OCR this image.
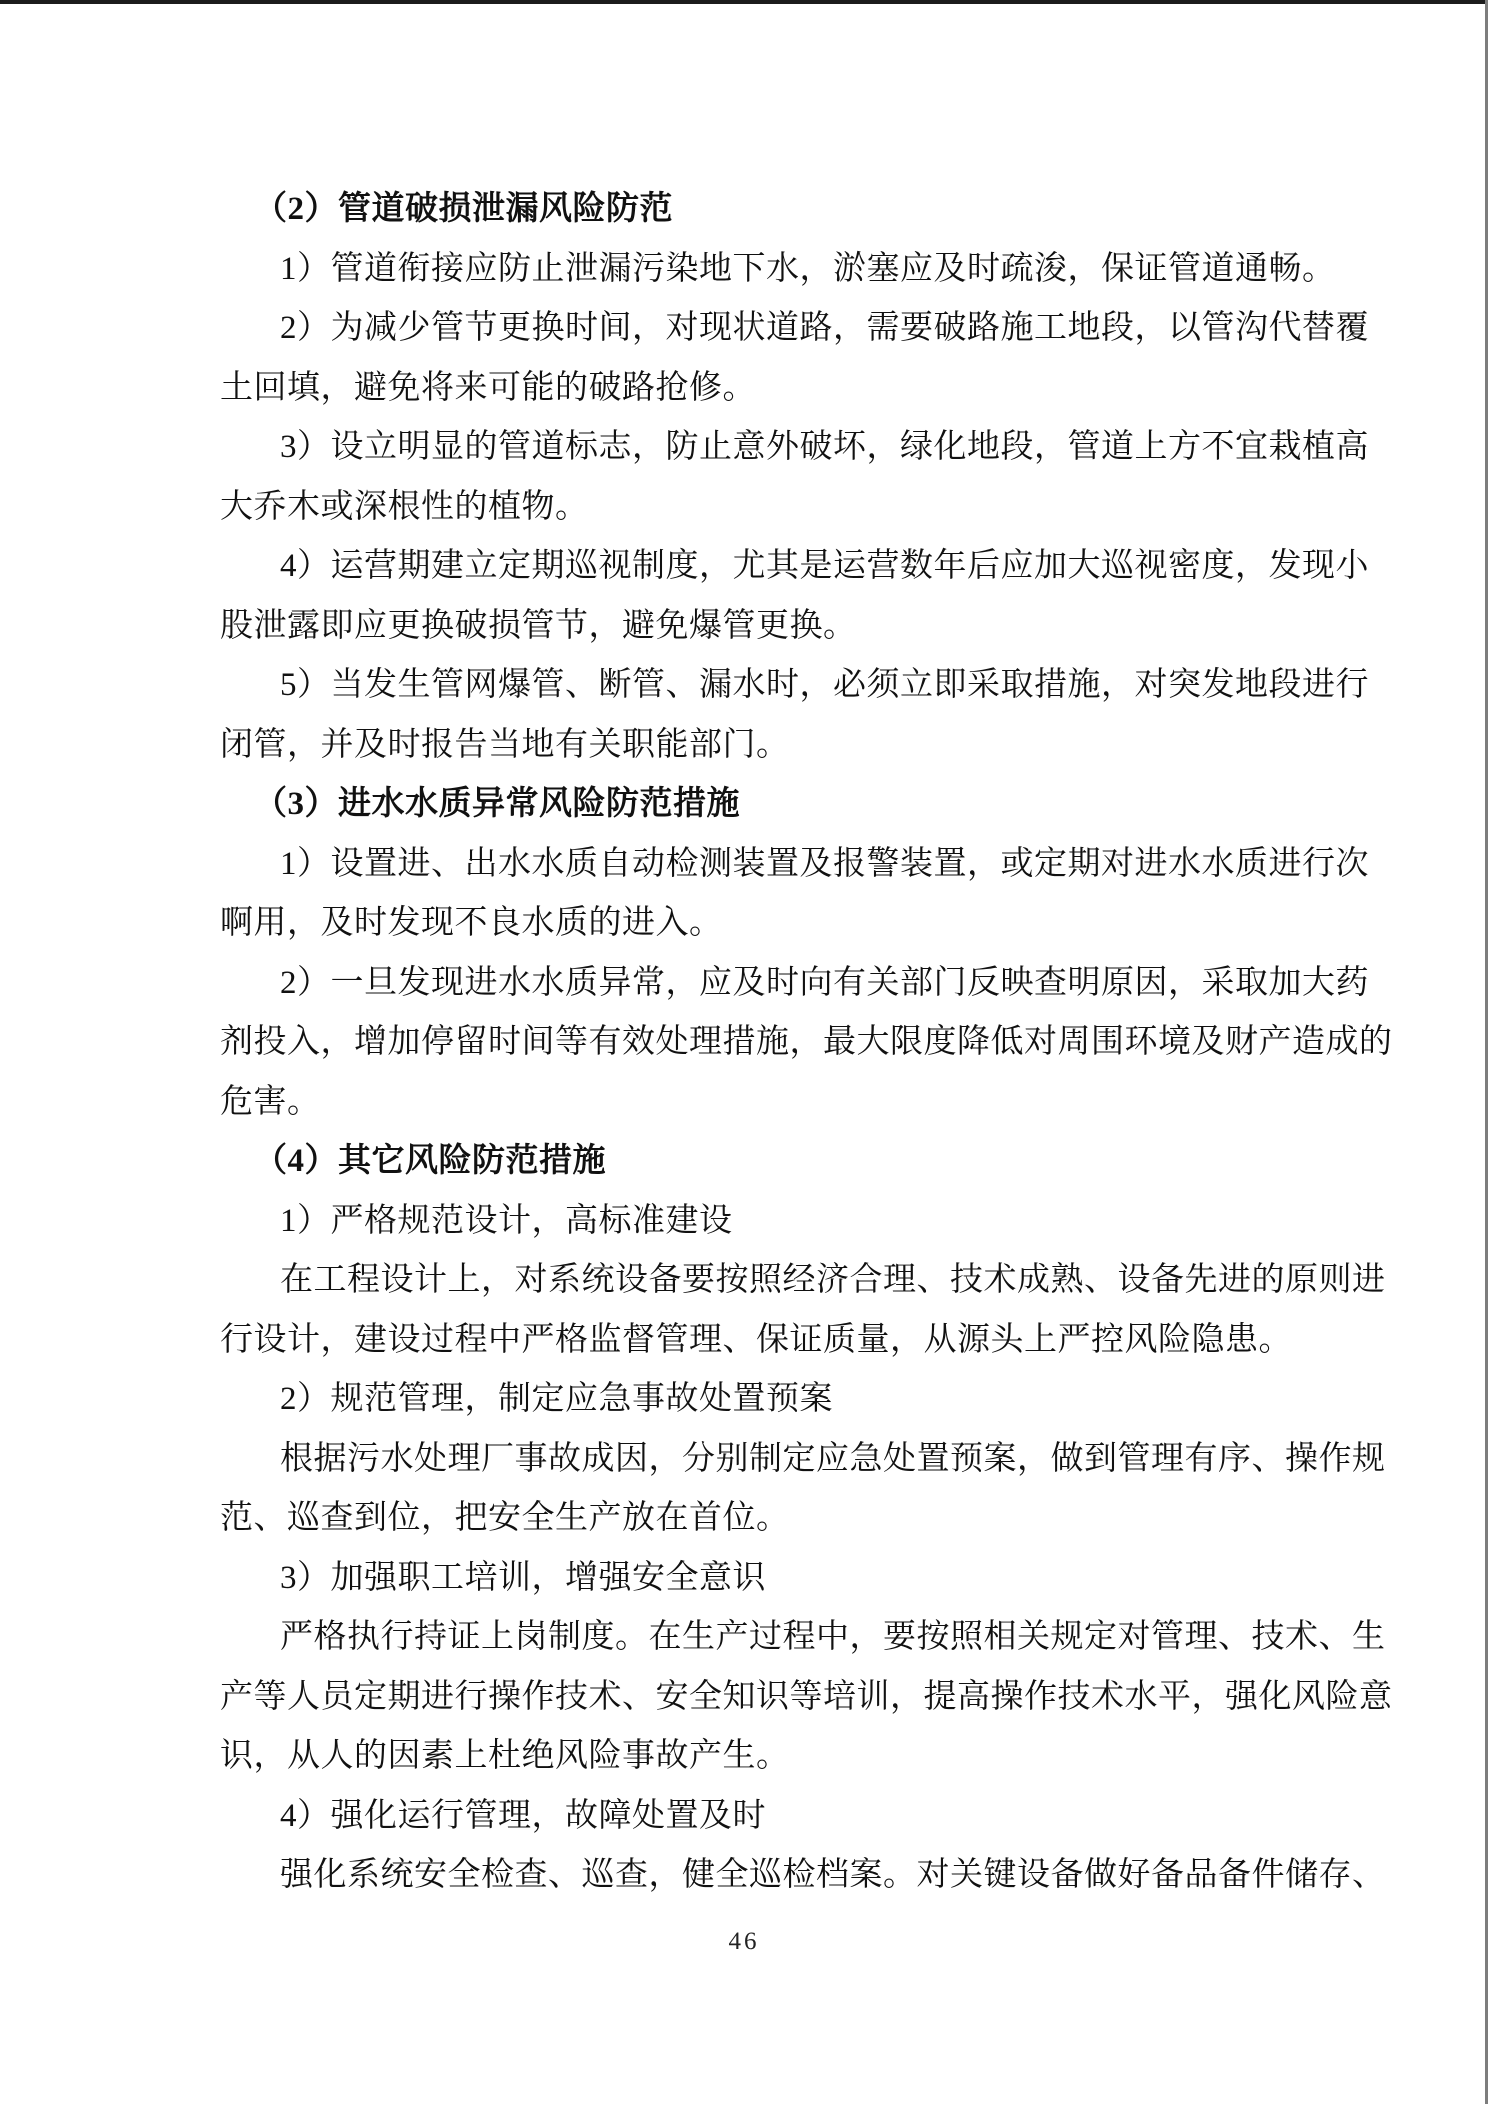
（2）管道破损泄漏风险防范

1）管道衔接应防止泄漏污染地下水，淤塞应及时疏浚，保证管道通畅。

2）为减少管节更换时间，对现状道路，需要破路施工地段，以管沟代替覆

土回填，避免将来可能的破路抢修。

3）设立明显的管道标志，防止意外破坏，绿化地段，管道上方不宜栽植高

大乔木或深根性的植物。

4）运营期建立定期巡视制度，尤其是运营数年后应加大巡视密度，发现小

股泄露即应更换破损管节，避免爆管更换。

5）当发生管网爆管、断管、漏水时，必须立即采取措施，对突发地段进行

闭管，并及时报告当地有关职能部门。

（3）进水水质异常风险防范措施

1）设置进、出水水质自动检测装置及报警装置，或定期对进水水质进行次

啊用，及时发现不良水质的进入。

2）一旦发现进水水质异常，应及时向有关部门反映查明原因，采取加大药

剂投入，增加停留时间等有效处理措施，最大限度降低对周围环境及财产造成的

危害。

（4）其它风险防范措施

1）严格规范设计，高标准建设

在工程设计上，对系统设备要按照经济合理、技术成熟、设备先进的原则进

行设计，建设过程中严格监督管理、保证质量，从源头上严控风险隐患。

2）规范管理，制定应急事故处置预案

根据污水处理厂事故成因，分别制定应急处置预案，做到管理有序、操作规

范、巡查到位，把安全生产放在首位。

3）加强职工培训，增强安全意识

严格执行持证上岗制度。在生产过程中，要按照相关规定对管理、技术、生

产等人员定期进行操作技术、安全知识等培训，提高操作技术水平，强化风险意

识，从人的因素上杜绝风险事故产生。

4）强化运行管理，故障处置及时

强化系统安全检查、巡查，健全巡检档案。对关键设备做好备品备件储存、

46
